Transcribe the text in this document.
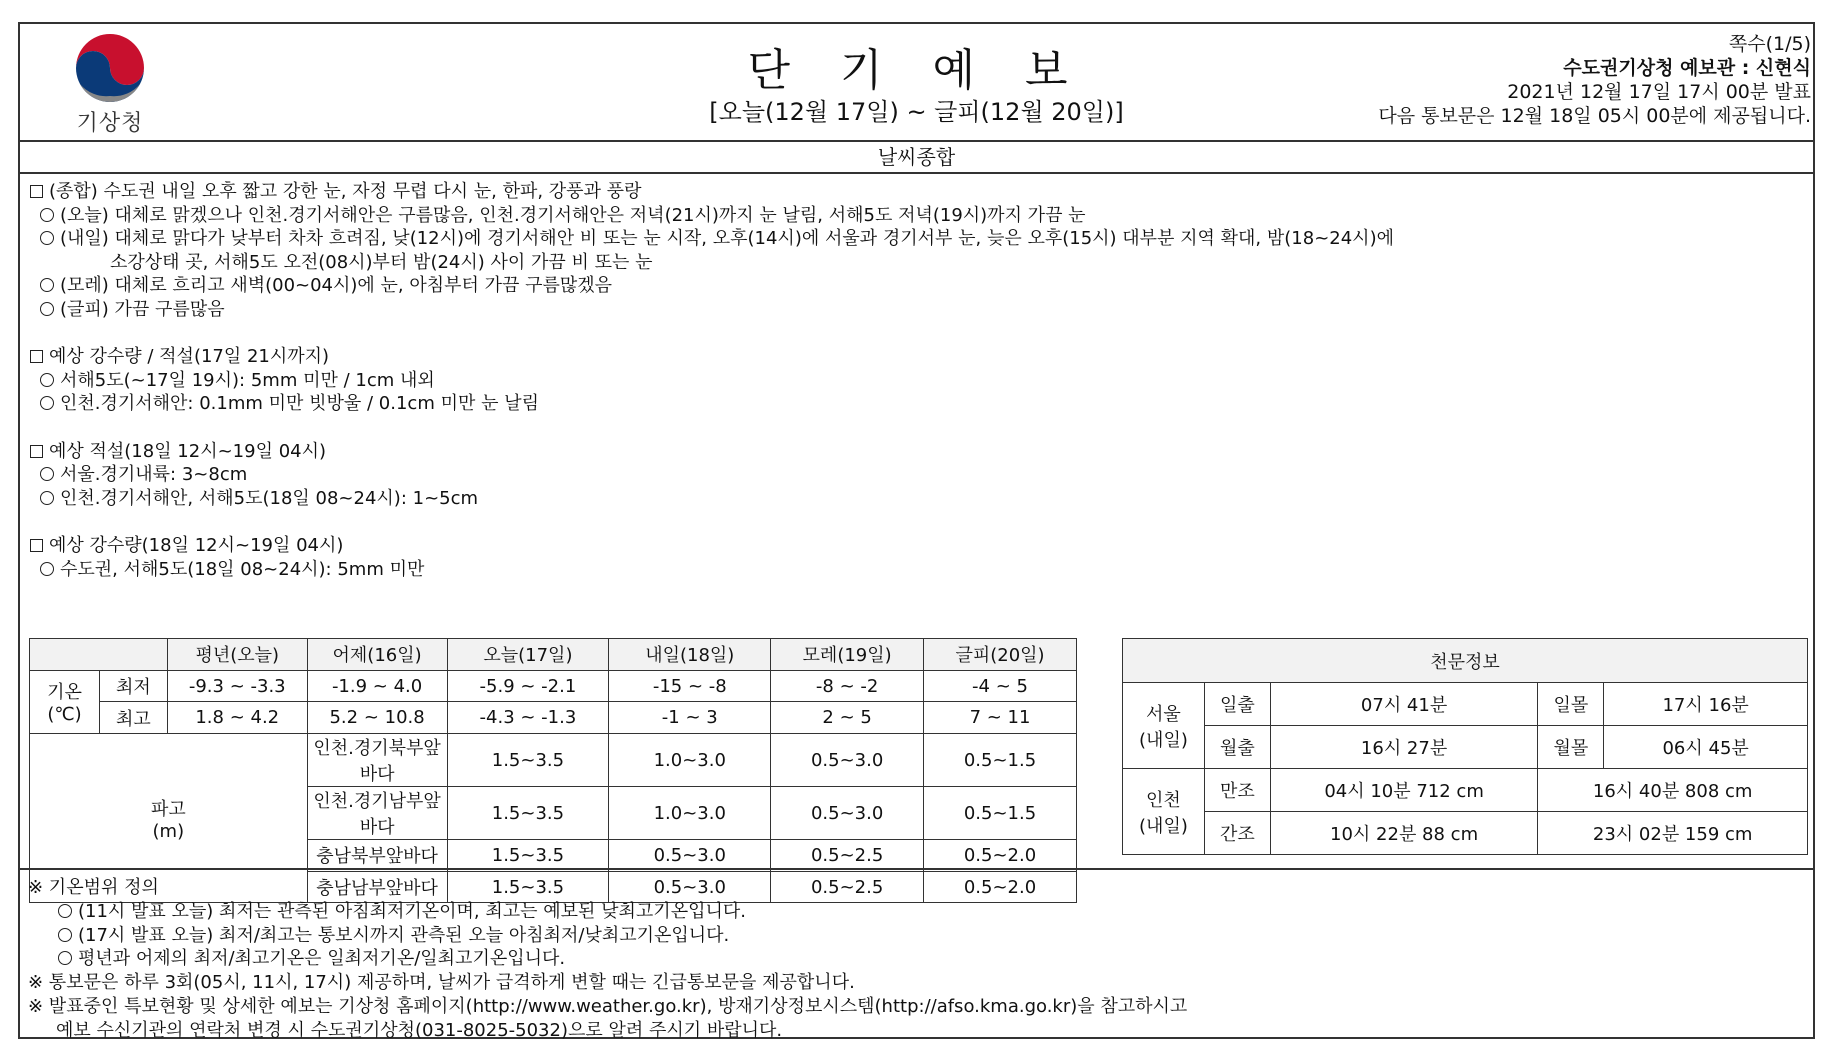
기상청
단 기 예 보
[오늘(12월 17일) ~ 글피(12월 20일)]
쪽수(1/5)
수도권기상청 예보관 : 신현식
2021년 12월 17일 17시 00분 발표
다음 통보문은 12월 18일 05시 00분에 제공됩니다.
날씨종합
(종합) 수도권 내일 오후 짧고 강한 눈, 자정 무렵 다시 눈, 한파, 강풍과 풍랑
(오늘) 대체로 맑겠으나 인천.경기서해안은 구름많음, 인천.경기서해안은 저녁(21시)까지 눈 날림, 서해5도 저녁(19시)까지 가끔 눈
(내일) 대체로 맑다가 낮부터 차차 흐려짐, 낮(12시)에 경기서해안 비 또는 눈 시작, 오후(14시)에 서울과 경기서부 눈, 늦은 오후(15시) 대부분 지역 확대, 밤(18~24시)에
소강상태 곳, 서해5도 오전(08시)부터 밤(24시) 사이 가끔 비 또는 눈
(모레) 대체로 흐리고 새벽(00~04시)에 눈, 아침부터 가끔 구름많겠음
(글피) 가끔 구름많음
예상 강수량 / 적설(17일 21시까지)
서해5도(~17일 19시): 5mm 미만 / 1cm 내외
인천.경기서해안: 0.1mm 미만 빗방울 / 0.1cm 미만 눈 날림
예상 적설(18일 12시~19일 04시)
서울.경기내륙: 3~8cm
인천.경기서해안, 서해5도(18일 08~24시): 1~5cm
예상 강수량(18일 12시~19일 04시)
수도권, 서해5도(18일 08~24시): 5mm 미만
		평년(오늘)	어제(16일)	오늘(17일)	내일(18일)	모레(19일)	글피(20일)
기온
(℃)	최저	-9.3 ~ -3.3	-1.9 ~ 4.0	-5.9 ~ -2.1	-15 ~ -8	-8 ~ -2	-4 ~ 5
	최고	1.8 ~ 4.2	5.2 ~ 10.8	-4.3 ~ -1.3	-1 ~ 3	2 ~ 5	7 ~ 11
파고
(m)			인천.경기북부앞바다	1.5~3.5	1.0~3.0	0.5~3.0	0.5~1.5
			인천.경기남부앞바다	1.5~3.5	1.0~3.0	0.5~3.0	0.5~1.5
			충남북부앞바다	1.5~3.5	0.5~3.0	0.5~2.5	0.5~2.0
			충남남부앞바다	1.5~3.5	0.5~3.0	0.5~2.5	0.5~2.0
천문정보				
서울
(내일)	일출	07시 41분	일몰	17시 16분
	월출	16시 27분	월몰	06시 45분
인천
(내일)	만조	04시 10분 712 cm	16시 40분 808 cm	
	간조	10시 22분 88 cm	23시 02분 159 cm	
※ 기온범위 정의
(11시 발표 오늘) 최저는 관측된 아침최저기온이며, 최고는 예보된 낮최고기온입니다.
(17시 발표 오늘) 최저/최고는 통보시까지 관측된 오늘 아침최저/낮최고기온입니다.
평년과 어제의 최저/최고기온은 일최저기온/일최고기온입니다.
※ 통보문은 하루 3회(05시, 11시, 17시) 제공하며, 날씨가 급격하게 변할 때는 긴급통보문을 제공합니다.
※ 발표중인 특보현황 및 상세한 예보는 기상청 홈페이지(http://www.weather.go.kr), 방재기상정보시스템(http://afso.kma.go.kr)을 참고하시고
예보 수신기관의 연락처 변경 시 수도권기상청(031-8025-5032)으로 알려 주시기 바랍니다.
